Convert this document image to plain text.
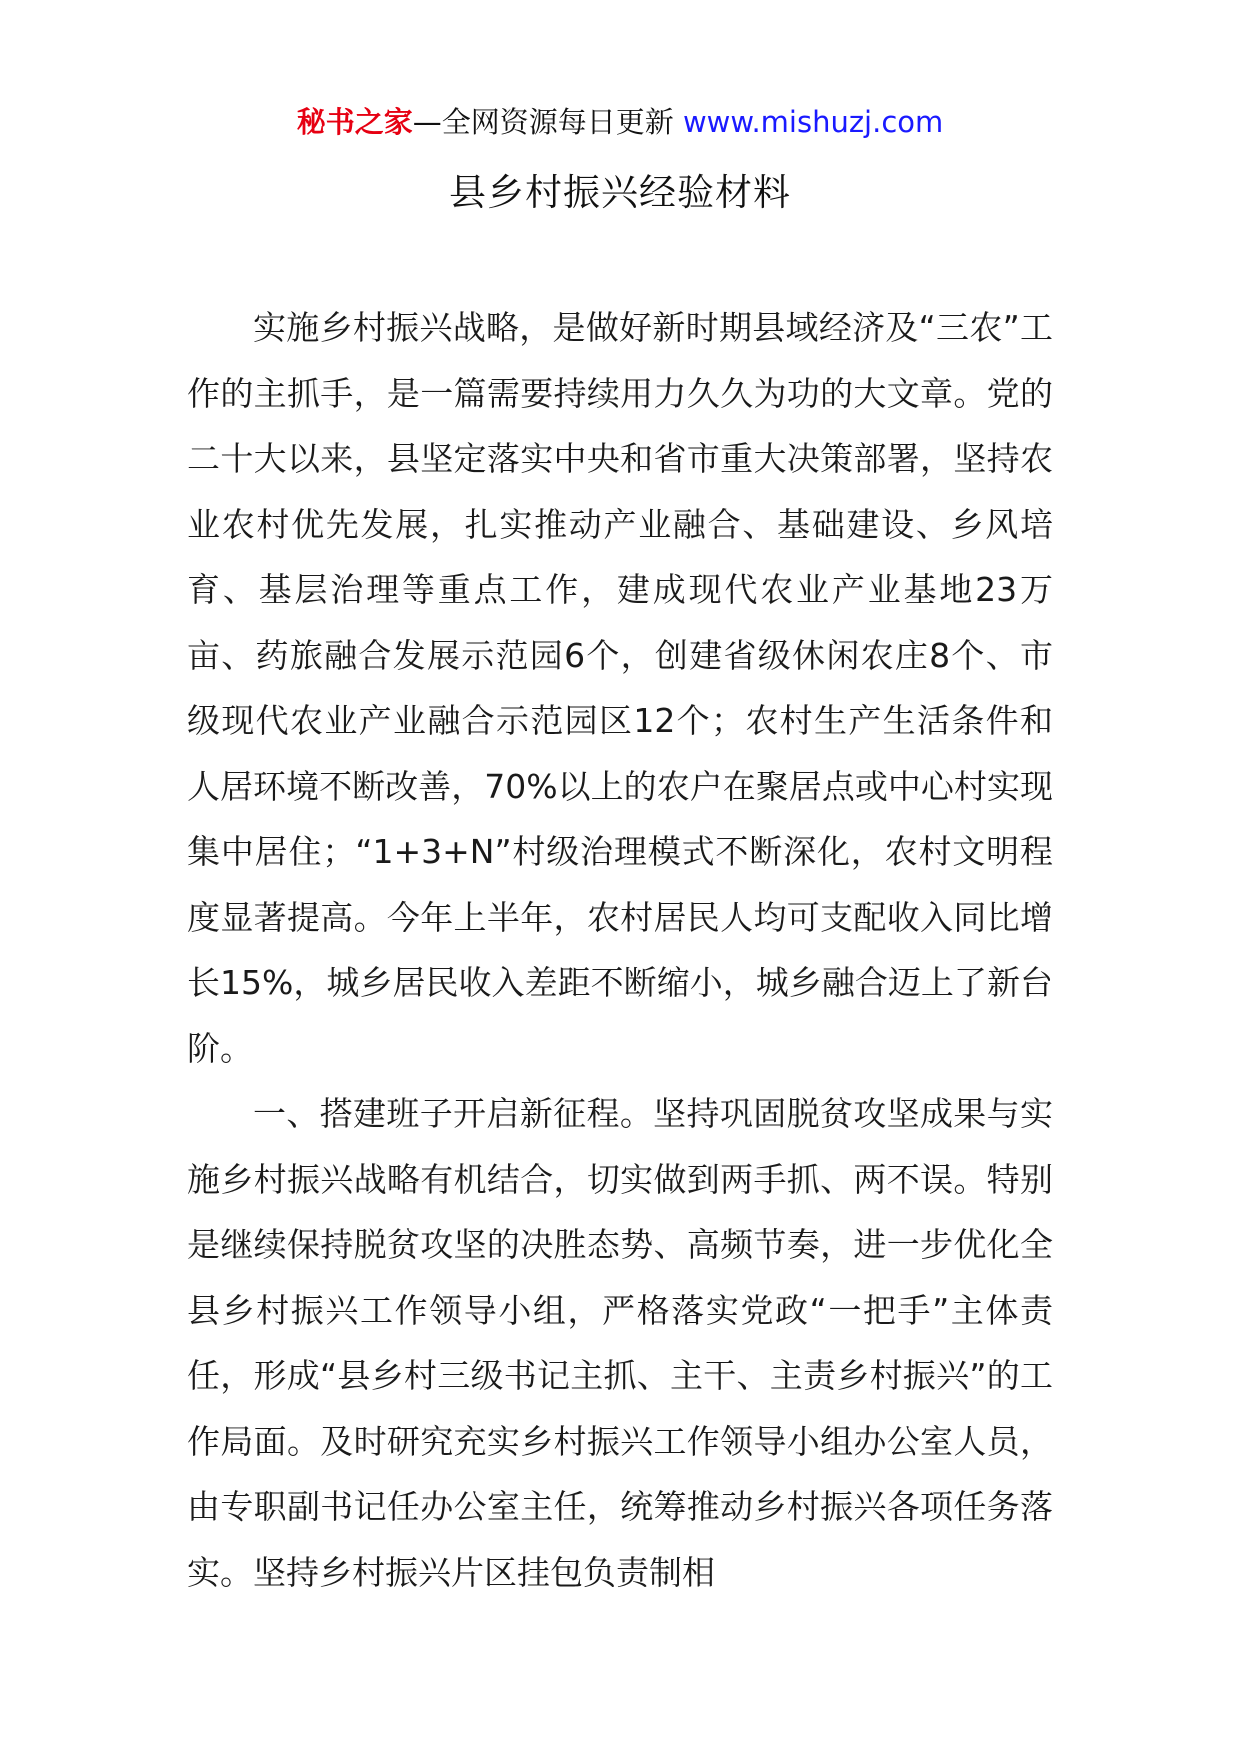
秘书之家—全网资源每日更新 www.mishuzj.com
县乡村振兴经验材料

实施乡村振兴战略，是做好新时期县域经济及“三农”工作的主抓手，是一篇需要持续用力久久为功的大文章。党的二十大以来，县坚定落实中央和省市重大决策部署，坚持农业农村优先发展，扎实推动产业融合、基础建设、乡风培育、基层治理等重点工作，建成现代农业产业基地23万亩、药旅融合发展示范园6个，创建省级休闲农庄8个、市级现代农业产业融合示范园区12个；农村生产生活条件和人居环境不断改善，70%以上的农户在聚居点或中心村实现集中居住；“1+3+N”村级治理模式不断深化，农村文明程度显著提高。今年上半年，农村居民人均可支配收入同比增长15%，城乡居民收入差距不断缩小，城乡融合迈上了新台阶。

一、搭建班子开启新征程。坚持巩固脱贫攻坚成果与实施乡村振兴战略有机结合，切实做到两手抓、两不误。特别是继续保持脱贫攻坚的决胜态势、高频节奏，进一步优化全县乡村振兴工作领导小组，严格落实党政“一把手”主体责任，形成“县乡村三级书记主抓、主干、主责乡村振兴”的工作局面。及时研究充实乡村振兴工作领导小组办公室人员，由专职副书记任办公室主任，统筹推动乡村振兴各项任务落实。坚持乡村振兴片区挂包负责制相
